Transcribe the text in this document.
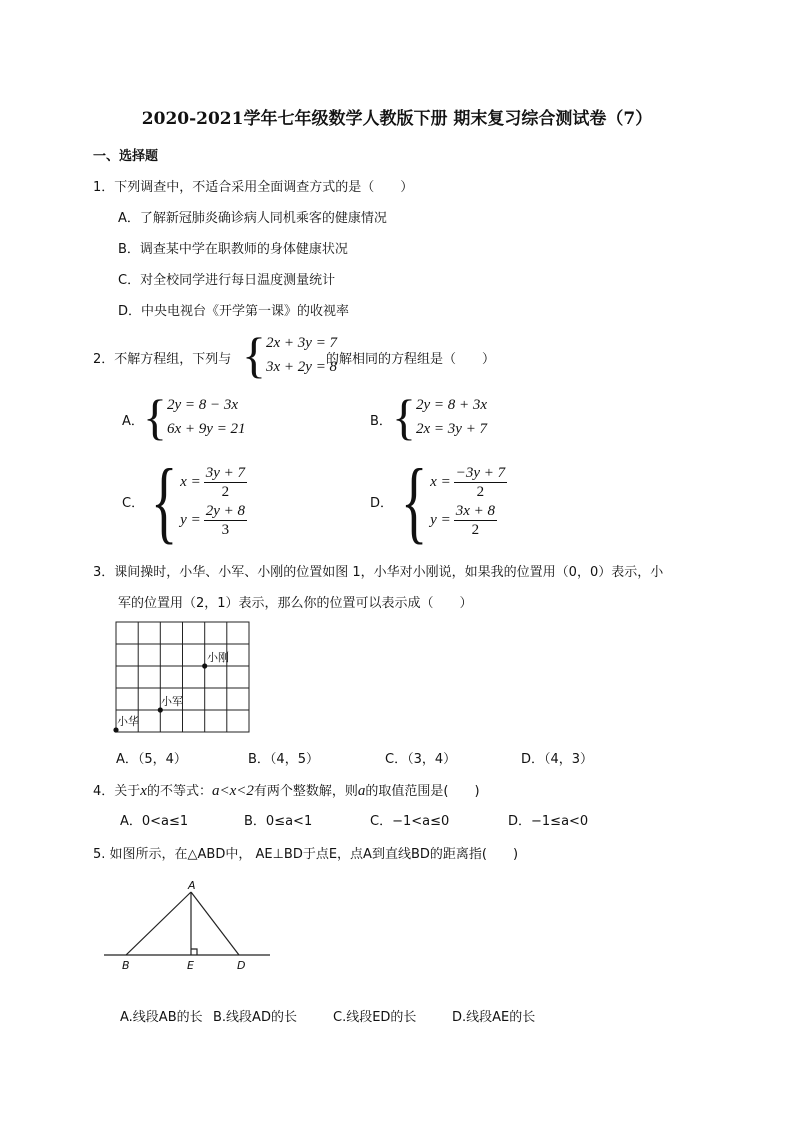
2020-2021学年七年级数学人教版下册 期末复习综合测试卷（7）
一、选择题
1．下列调查中，不适合采用全面调查方式的是（　　）
A．了解新冠肺炎确诊病人同机乘客的健康情况
B．调查某中学在职教师的身体健康状况
C．对全校同学进行每日温度测量统计
D．中央电视台《开学第一课》的收视率
2．不解方程组，下列与 { 2x + 3y = 7
3x + 2y = 8
的解相同的方程组是（　　）
A． { 2y = 8 − 3x
6x + 9y = 21	B． { 2y = 8 + 3x
2x = 3y + 7
C． { $x = \frac{3y + 7}{2}$
$y = \frac{2y + 8}{3}$	D． { $x = \frac{-3y + 7}{2}$
$y = \frac{3x + 8}{2}$
3．课间操时，小华、小军、小刚的位置如图 1，小华对小刚说，如果我的位置用（0，0）表示，小
军的位置用（2，1）表示，那么你的位置可以表示成（　　）
小刚
小军
小华
A．（5，4）	B．（4，5）	C．（3，4）	D．（4，3）
4．关于x的不等式：a<x<2有两个整数解，则a的取值范围是(　　)
A．0<a≤1	B．0≤a<1	C．−1<a≤0	D．−1≤a<0
5. 如图所示，在△ABD中， AE⊥BD于点E，点A到直线BD的距离指(　　)
A
B	E	D
A.线段AB的长 B.线段AD的长	C.线段ED的长	D.线段AE的长
